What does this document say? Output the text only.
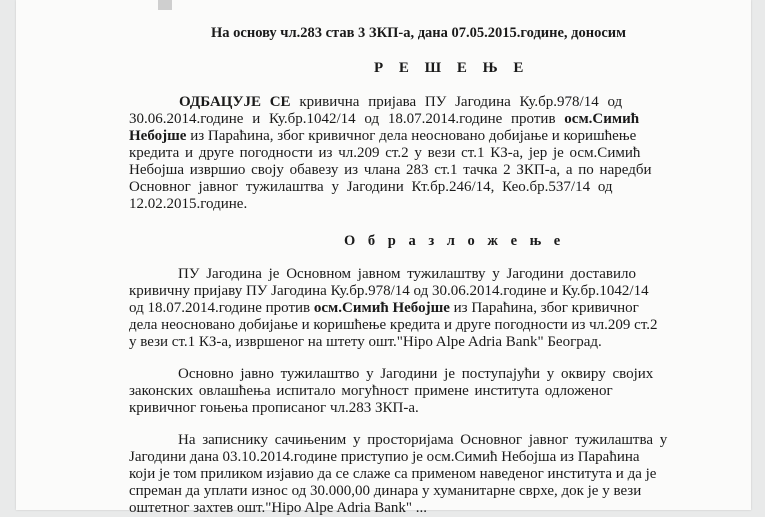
На основу чл.283 став 3 ЗКП-а, дана 07.05.2015.године, доносим
Р Е Ш Е Њ Е
ОДБАЦУЈЕ СЕ кривична пријава ПУ Јагодина Ку.бр.978/14 од
30.06.2014.године и Ку.бр.1042/14 од 18.07.2014.године против осм.Симић
Небојше из Параћина, због кривичног дела неосновано добијање и коришћење
кредита и друге погодности из чл.209 ст.2 у вези ст.1 КЗ-а, јер је осм.Симић
Небојша извршио своју обавезу из члана 283 ст.1 тачка 2 ЗКП-а, а по наредби
Основног јавног тужилаштва у Јагодини Кт.бр.246/14, Кео.бр.537/14 од
12.02.2015.године.
О б р а з л о ж е њ е
ПУ Јагодина је Основном јавном тужилаштву у Јагодини доставило
кривичну пријаву ПУ Јагодина Ку.бр.978/14 од 30.06.2014.године и Ку.бр.1042/14
од 18.07.2014.године против осм.Симић Небојше из Параћина, због кривичног
дела неосновано добијање и коришћење кредита и друге погодности из чл.209 ст.2
у вези ст.1 КЗ-а, извршеног на штету ошт."Hipo Alpe Adria Bank" Београд.
Основно јавно тужилаштво у Јагодини је поступајући у оквиру својих
законских овлашћења испитало могућност примене института одложеног
кривичног гоњења прописаног чл.283 ЗКП-а.
На записнику сачињеним у просторијама Основног јавног тужилаштва у
Јагодини дана 03.10.2014.године приступио је осм.Симић Небојша из Параћина
који је том приликом изјавио да се слаже са применом наведеног института и да је
спреман да уплати износ од 30.000,00 динара у хуманитарне сврхе, док је у вези
оштетног захтев ошт."Hipo Alpe Adria Bank" ...
